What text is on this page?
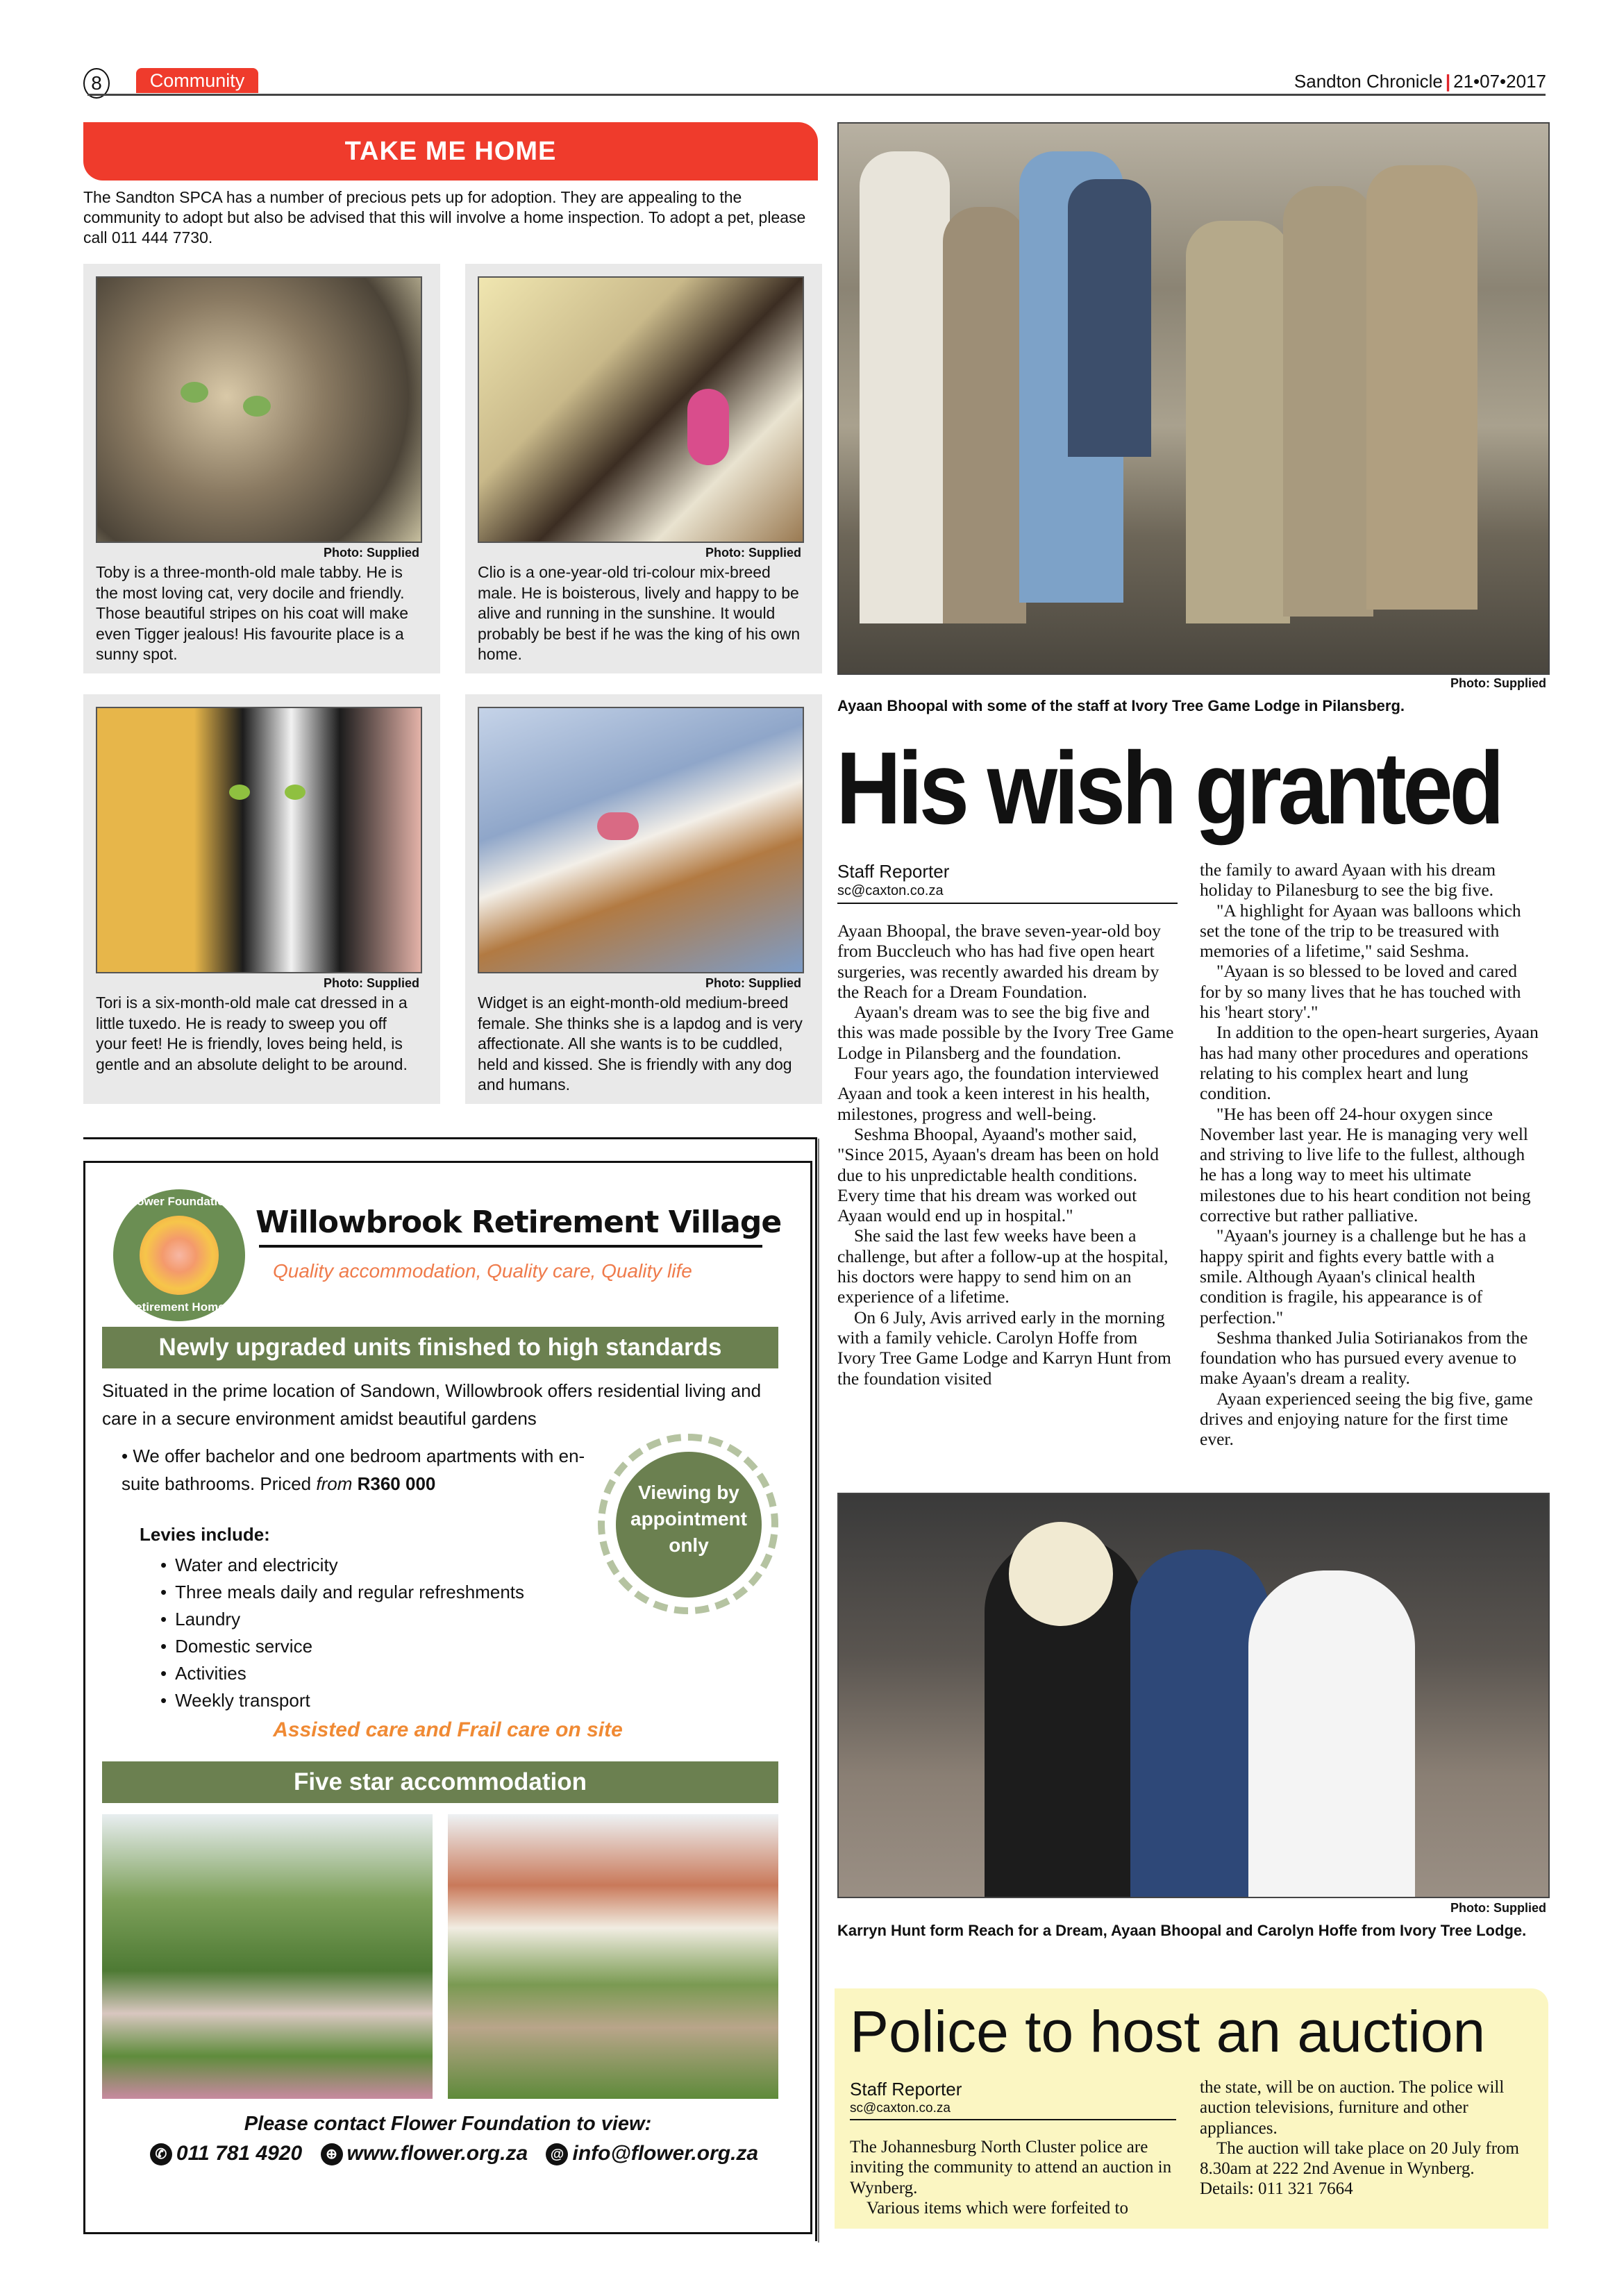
8	Community	Sandton Chronicle | 21•07•2017
TAKE ME HOME
The Sandton SPCA has a number of precious pets up for adoption. They are appealing to the community to adopt but also be advised that this will involve a home inspection. To adopt a pet, please call 011 444 7730.
Photo: Supplied
Toby is a three-month-old male tabby. He is the most loving cat, very docile and friendly. Those beautiful stripes on his coat will make even Tigger jealous! His favourite place is a sunny spot.
Photo: Supplied
Clio is a one-year-old tri-colour mix-breed male. He is boisterous, lively and happy to be alive and running in the sunshine. It would probably be best if he was the king of his own home.
Photo: Supplied
Tori is a six-month-old male cat dressed in a little tuxedo. He is ready to sweep you off your feet! He is friendly, loves being held, is gentle and an absolute delight to be around.
Photo: Supplied
Widget is an eight-month-old medium-breed female. She thinks she is a lapdog and is very affectionate. All she wants is to be cuddled, held and kissed. She is friendly with any dog and humans.
Flower Foundation
Retirement Homes
Willowbrook Retirement Village
Quality accommodation, Quality care, Quality life
Newly upgraded units finished to high standards
Situated in the prime location of Sandown, Willowbrook offers residential living and care in a secure environment amidst beautiful gardens
• We offer bachelor and one bedroom apartments with en-suite bathrooms. Priced from R360 000
Levies include:
• Water and electricity
• Three meals daily and regular refreshments
• Laundry
• Domestic service
• Activities
• Weekly transport
Viewing by appointment only
Assisted care and Frail care on site
Five star accommodation
Please contact Flower Foundation to view:
✆ 011 781 4920 ⊕ www.flower.org.za @ info@flower.org.za
Photo: Supplied
Ayaan Bhoopal with some of the staff at Ivory Tree Game Lodge in Pilansberg.
His wish granted
Staff Reporter
sc@caxton.co.za

Ayaan Bhoopal, the brave seven-year-old boy from Buccleuch who has had five open heart surgeries, was recently awarded his dream by the Reach for a Dream Foundation.

Ayaan's dream was to see the big five and this was made possible by the Ivory Tree Game Lodge in Pilansberg and the foundation.

Four years ago, the foundation interviewed Ayaan and took a keen interest in his health, milestones, progress and well-being.

Seshma Bhoopal, Ayaand's mother said, "Since 2015, Ayaan's dream has been on hold due to his unpredictable health conditions. Every time that his dream was worked out Ayaan would end up in hospital."

She said the last few weeks have been a challenge, but after a follow-up at the hospital, his doctors were happy to send him on an experience of a lifetime.

On 6 July, Avis arrived early in the morning with a family vehicle. Carolyn Hoffe from Ivory Tree Game Lodge and Karryn Hunt from the foundation visited

the family to award Ayaan with his dream holiday to Pilanesburg to see the big five.

"A highlight for Ayaan was balloons which set the tone of the trip to be treasured with memories of a lifetime," said Seshma.

"Ayaan is so blessed to be loved and cared for by so many lives that he has touched with his 'heart story'."

In addition to the open-heart surgeries, Ayaan has had many other procedures and operations relating to his complex heart and lung condition.

"He has been off 24-hour oxygen since November last year. He is managing very well and striving to live life to the fullest, although he has a long way to meet his ultimate milestones due to his heart condition not being corrective but rather palliative.

"Ayaan's journey is a challenge but he has a happy spirit and fights every battle with a smile. Although Ayaan's clinical health condition is fragile, his appearance is of perfection."

Seshma thanked Julia Sotirianakos from the foundation who has pursued every avenue to make Ayaan's dream a reality.

Ayaan experienced seeing the big five, game drives and enjoying nature for the first time ever.

Photo: Supplied
Karryn Hunt form Reach for a Dream, Ayaan Bhoopal and Carolyn Hoffe from Ivory Tree Lodge.
Police to host an auction
Staff Reporter
sc@caxton.co.za

The Johannesburg North Cluster police are inviting the community to attend an auction in Wynberg.

Various items which were forfeited to

the state, will be on auction. The police will auction televisions, furniture and other appliances.

The auction will take place on 20 July from 8.30am at 222 2nd Avenue in Wynberg.

Details: 011 321 7664
